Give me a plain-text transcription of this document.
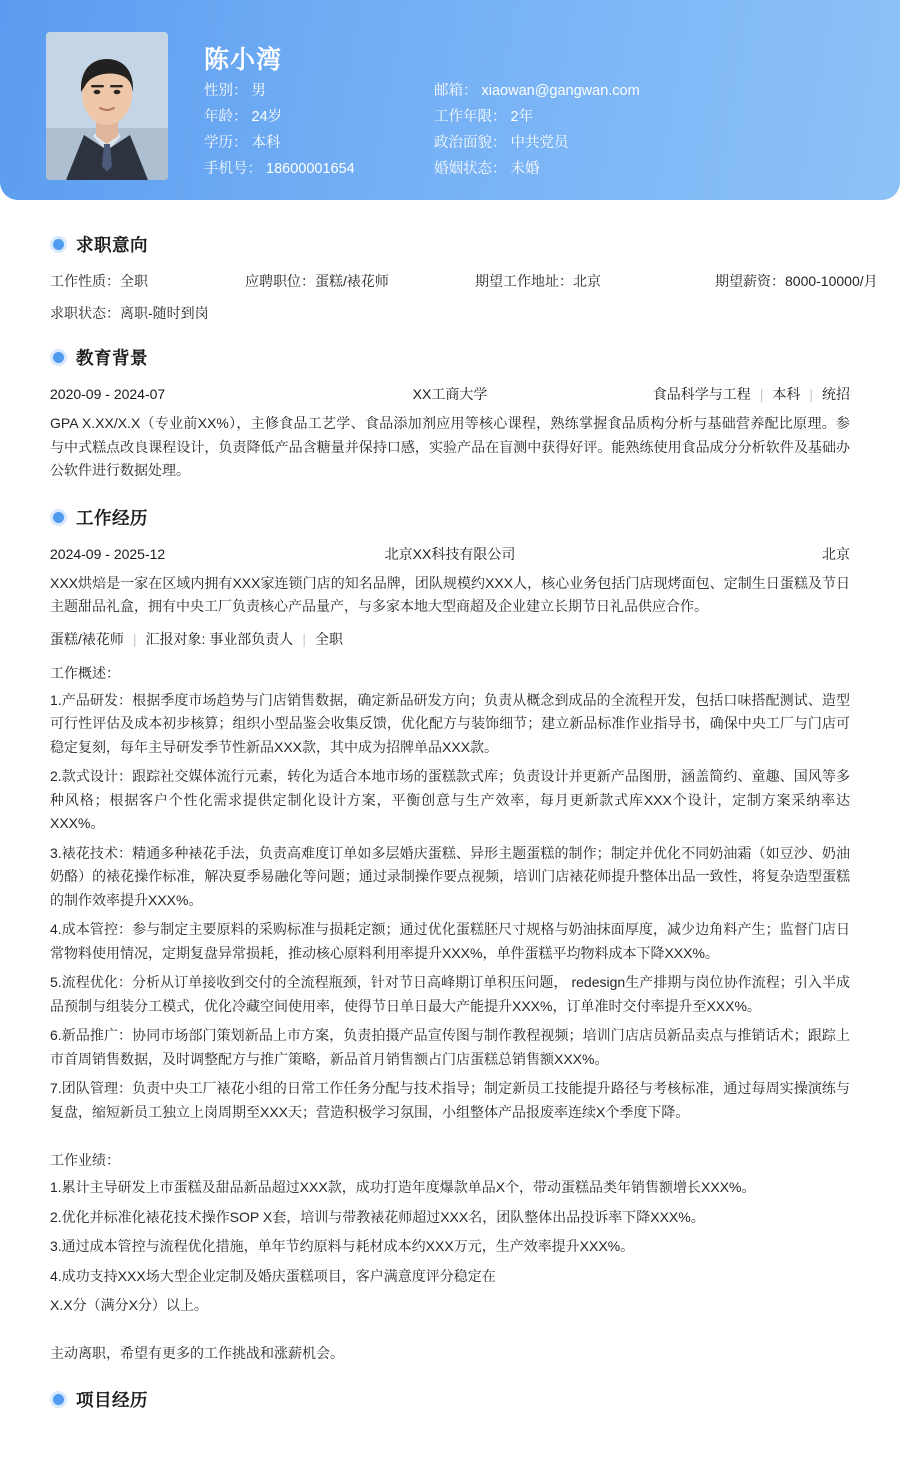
陈小湾
性别： 男	邮箱： xiaowan@gangwan.com
年龄： 24岁	工作年限： 2年
学历： 本科	政治面貌： 中共党员
手机号： 18600001654	婚姻状态： 未婚
求职意向
工作性质：全职	应聘职位：蛋糕/裱花师	期望工作地址：北京	期望薪资：8000-10000/月
求职状态：离职-随时到岗
教育背景
2020-09 - 2024-07	XX工商大学	食品科学与工程 | 本科 | 统招
GPA X.XX/X.X（专业前XX%），主修食品工艺学、食品添加剂应用等核心课程，熟练掌握食品质构分析与基础营养配比原理。参与中式糕点改良课程设计，负责降低产品含糖量并保持口感，实验产品在盲测中获得好评。能熟练使用食品成分分析软件及基础办公软件进行数据处理。
工作经历
2024-09 - 2025-12	北京XX科技有限公司	北京
XXX烘焙是一家在区域内拥有XXX家连锁门店的知名品牌，团队规模约XXX人，核心业务包括门店现烤面包、定制生日蛋糕及节日主题甜品礼盒，拥有中央工厂负责核心产品量产，与多家本地大型商超及企业建立长期节日礼品供应合作。
蛋糕/裱花师 | 汇报对象: 事业部负责人 | 全职
工作概述：
1.产品研发：根据季度市场趋势与门店销售数据，确定新品研发方向；负责从概念到成品的全流程开发，包括口味搭配测试、造型可行性评估及成本初步核算；组织小型品鉴会收集反馈，优化配方与装饰细节；建立新品标准作业指导书，确保中央工厂与门店可稳定复刻，每年主导研发季节性新品XXX款，其中成为招牌单品XXX款。
2.款式设计：跟踪社交媒体流行元素，转化为适合本地市场的蛋糕款式库；负责设计并更新产品图册，涵盖简约、童趣、国风等多种风格；根据客户个性化需求提供定制化设计方案，平衡创意与生产效率，每月更新款式库XXX个设计，定制方案采纳率达XXX%。
3.裱花技术：精通多种裱花手法，负责高难度订单如多层婚庆蛋糕、异形主题蛋糕的制作；制定并优化不同奶油霜（如豆沙、奶油奶酪）的裱花操作标准，解决夏季易融化等问题；通过录制操作要点视频，培训门店裱花师提升整体出品一致性，将复杂造型蛋糕的制作效率提升XXX%。
4.成本管控：参与制定主要原料的采购标准与损耗定额；通过优化蛋糕胚尺寸规格与奶油抹面厚度，减少边角料产生；监督门店日常物料使用情况，定期复盘异常损耗，推动核心原料利用率提升XXX%，单件蛋糕平均物料成本下降XXX%。
5.流程优化：分析从订单接收到交付的全流程瓶颈，针对节日高峰期订单积压问题， redesign生产排期与岗位协作流程；引入半成品预制与组装分工模式，优化冷藏空间使用率，使得节日单日最大产能提升XXX%，订单准时交付率提升至XXX%。
6.新品推广：协同市场部门策划新品上市方案，负责拍摄产品宣传图与制作教程视频；培训门店店员新品卖点与推销话术；跟踪上市首周销售数据，及时调整配方与推广策略，新品首月销售额占门店蛋糕总销售额XXX%。
7.团队管理：负责中央工厂裱花小组的日常工作任务分配与技术指导；制定新员工技能提升路径与考核标准，通过每周实操演练与复盘，缩短新员工独立上岗周期至XXX天；营造积极学习氛围，小组整体产品报废率连续X个季度下降。
工作业绩：
1.累计主导研发上市蛋糕及甜品新品超过XXX款，成功打造年度爆款单品X个，带动蛋糕品类年销售额增长XXX%。
2.优化并标准化裱花技术操作SOP X套，培训与带教裱花师超过XXX名，团队整体出品投诉率下降XXX%。
3.通过成本管控与流程优化措施，单年节约原料与耗材成本约XXX万元，生产效率提升XXX%。
4.成功支持XXX场大型企业定制及婚庆蛋糕项目，客户满意度评分稳定在
X.X分（满分X分）以上。
主动离职，希望有更多的工作挑战和涨薪机会。
项目经历
